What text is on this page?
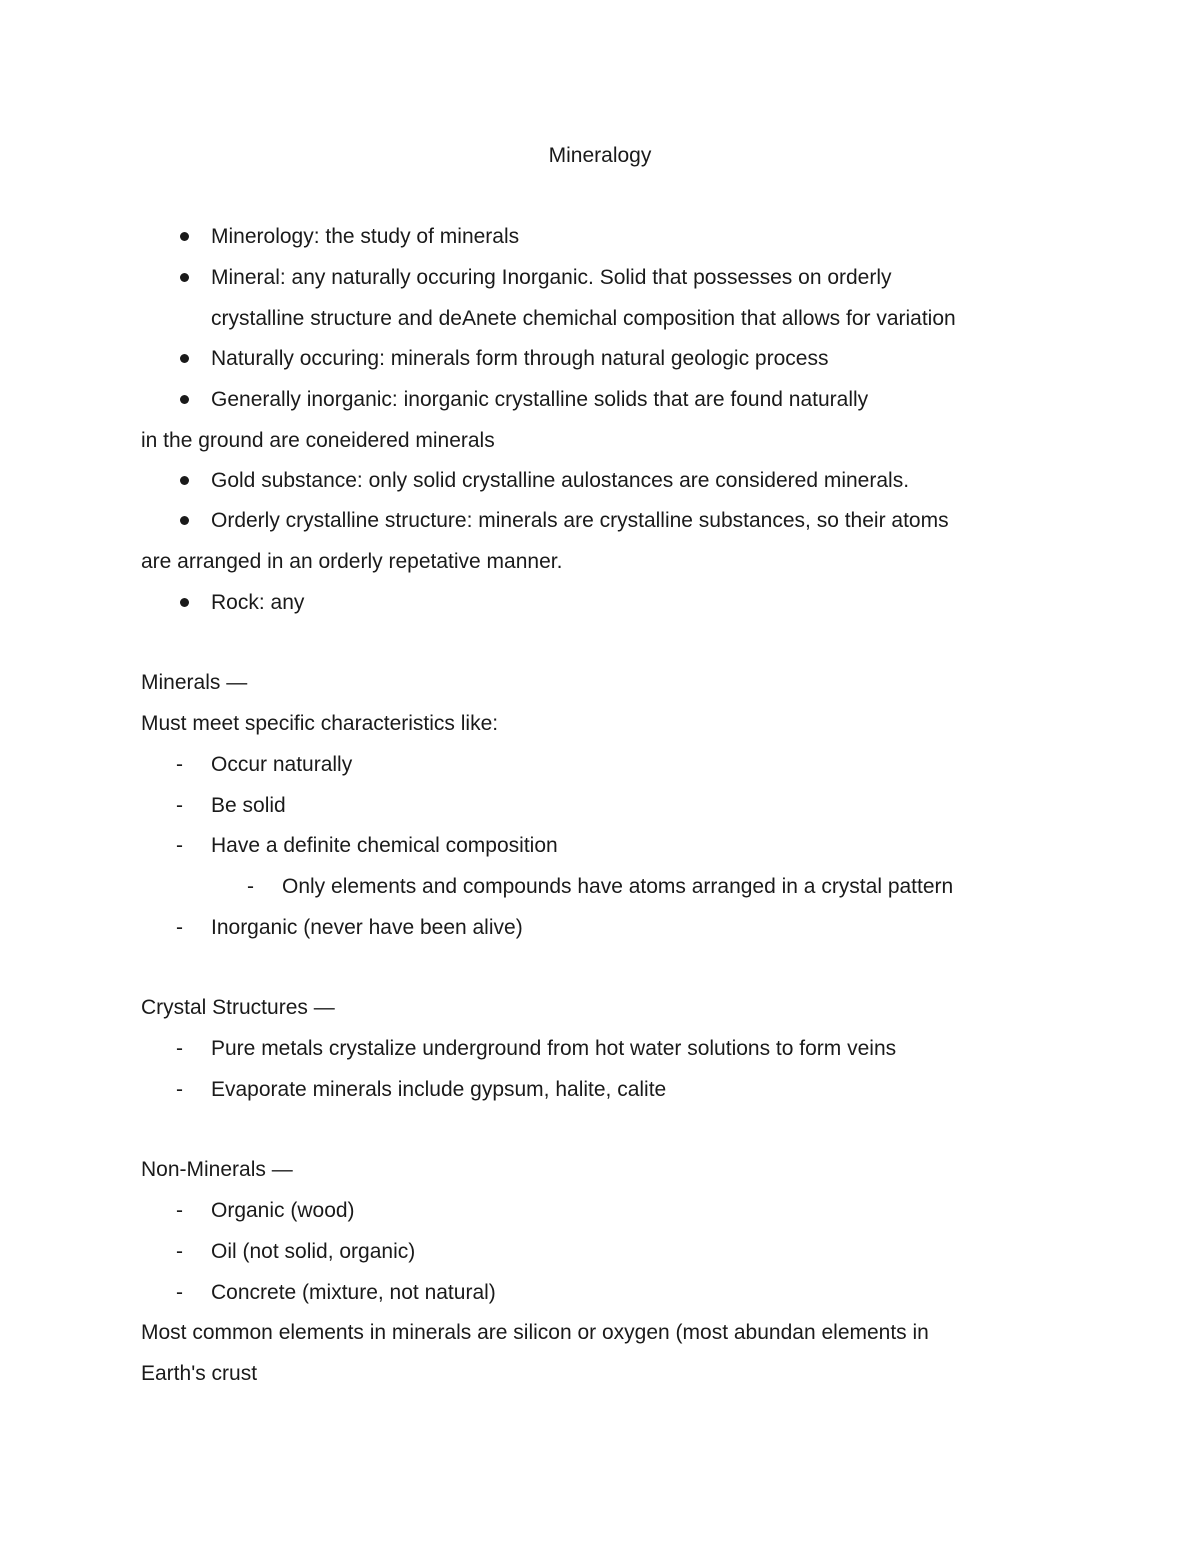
Mineralogy
Minerology: the study of minerals
Mineral: any naturally occuring Inorganic. Solid that possesses on orderly
crystalline structure and deAnete chemichal composition that allows for variation
Naturally occuring: minerals form through natural geologic process
Generally inorganic: inorganic crystalline solids that are found naturally
in the ground are coneidered minerals
Gold substance: only solid crystalline aulostances are considered minerals.
Orderly crystalline structure: minerals are crystalline substances, so their atoms
are arranged in an orderly repetative manner.
Rock: any
Minerals —
Must meet specific characteristics like:
- Occur naturally
- Be solid
- Have a definite chemical composition
- Only elements and compounds have atoms arranged in a crystal pattern
- Inorganic (never have been alive)
Crystal Structures —
- Pure metals crystalize underground from hot water solutions to form veins
- Evaporate minerals include gypsum, halite, calite
Non-Minerals —
- Organic (wood)
- Oil (not solid, organic)
- Concrete (mixture, not natural)
Most common elements in minerals are silicon or oxygen (most abundan elements in
Earth's crust
